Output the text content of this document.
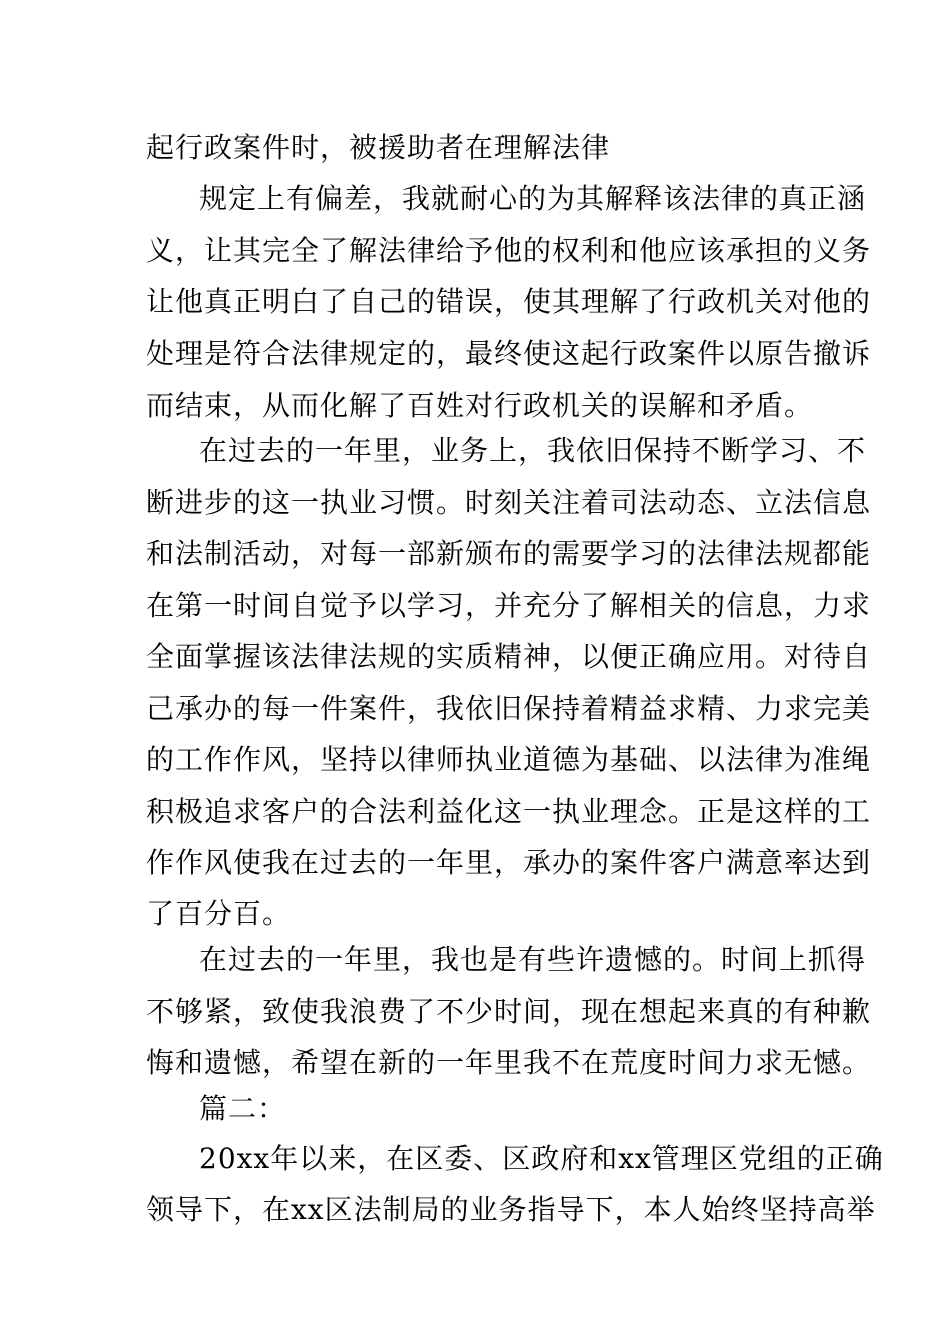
起行政案件时，被援助者在理解法律
规定上有偏差，我就耐心的为其解释该法律的真正涵
义，让其完全了解法律给予他的权利和他应该承担的义务
让他真正明白了自己的错误，使其理解了行政机关对他的
处理是符合法律规定的，最终使这起行政案件以原告撤诉
而结束，从而化解了百姓对行政机关的误解和矛盾。
在过去的一年里，业务上，我依旧保持不断学习、不
断进步的这一执业习惯。时刻关注着司法动态、立法信息
和法制活动，对每一部新颁布的需要学习的法律法规都能
在第一时间自觉予以学习，并充分了解相关的信息，力求
全面掌握该法律法规的实质精神，以便正确应用。对待自
己承办的每一件案件，我依旧保持着精益求精、力求完美
的工作作风，坚持以律师执业道德为基础、以法律为准绳
积极追求客户的合法利益化这一执业理念。正是这样的工
作作风使我在过去的一年里，承办的案件客户满意率达到
了百分百。
在过去的一年里，我也是有些许遗憾的。时间上抓得
不够紧，致使我浪费了不少时间，现在想起来真的有种歉
悔和遗憾，希望在新的一年里我不在荒度时间力求无憾。
篇二：
20xx年以来，在区委、区政府和xx管理区党组的正确
领导下，在xx区法制局的业务指导下，本人始终坚持高举
